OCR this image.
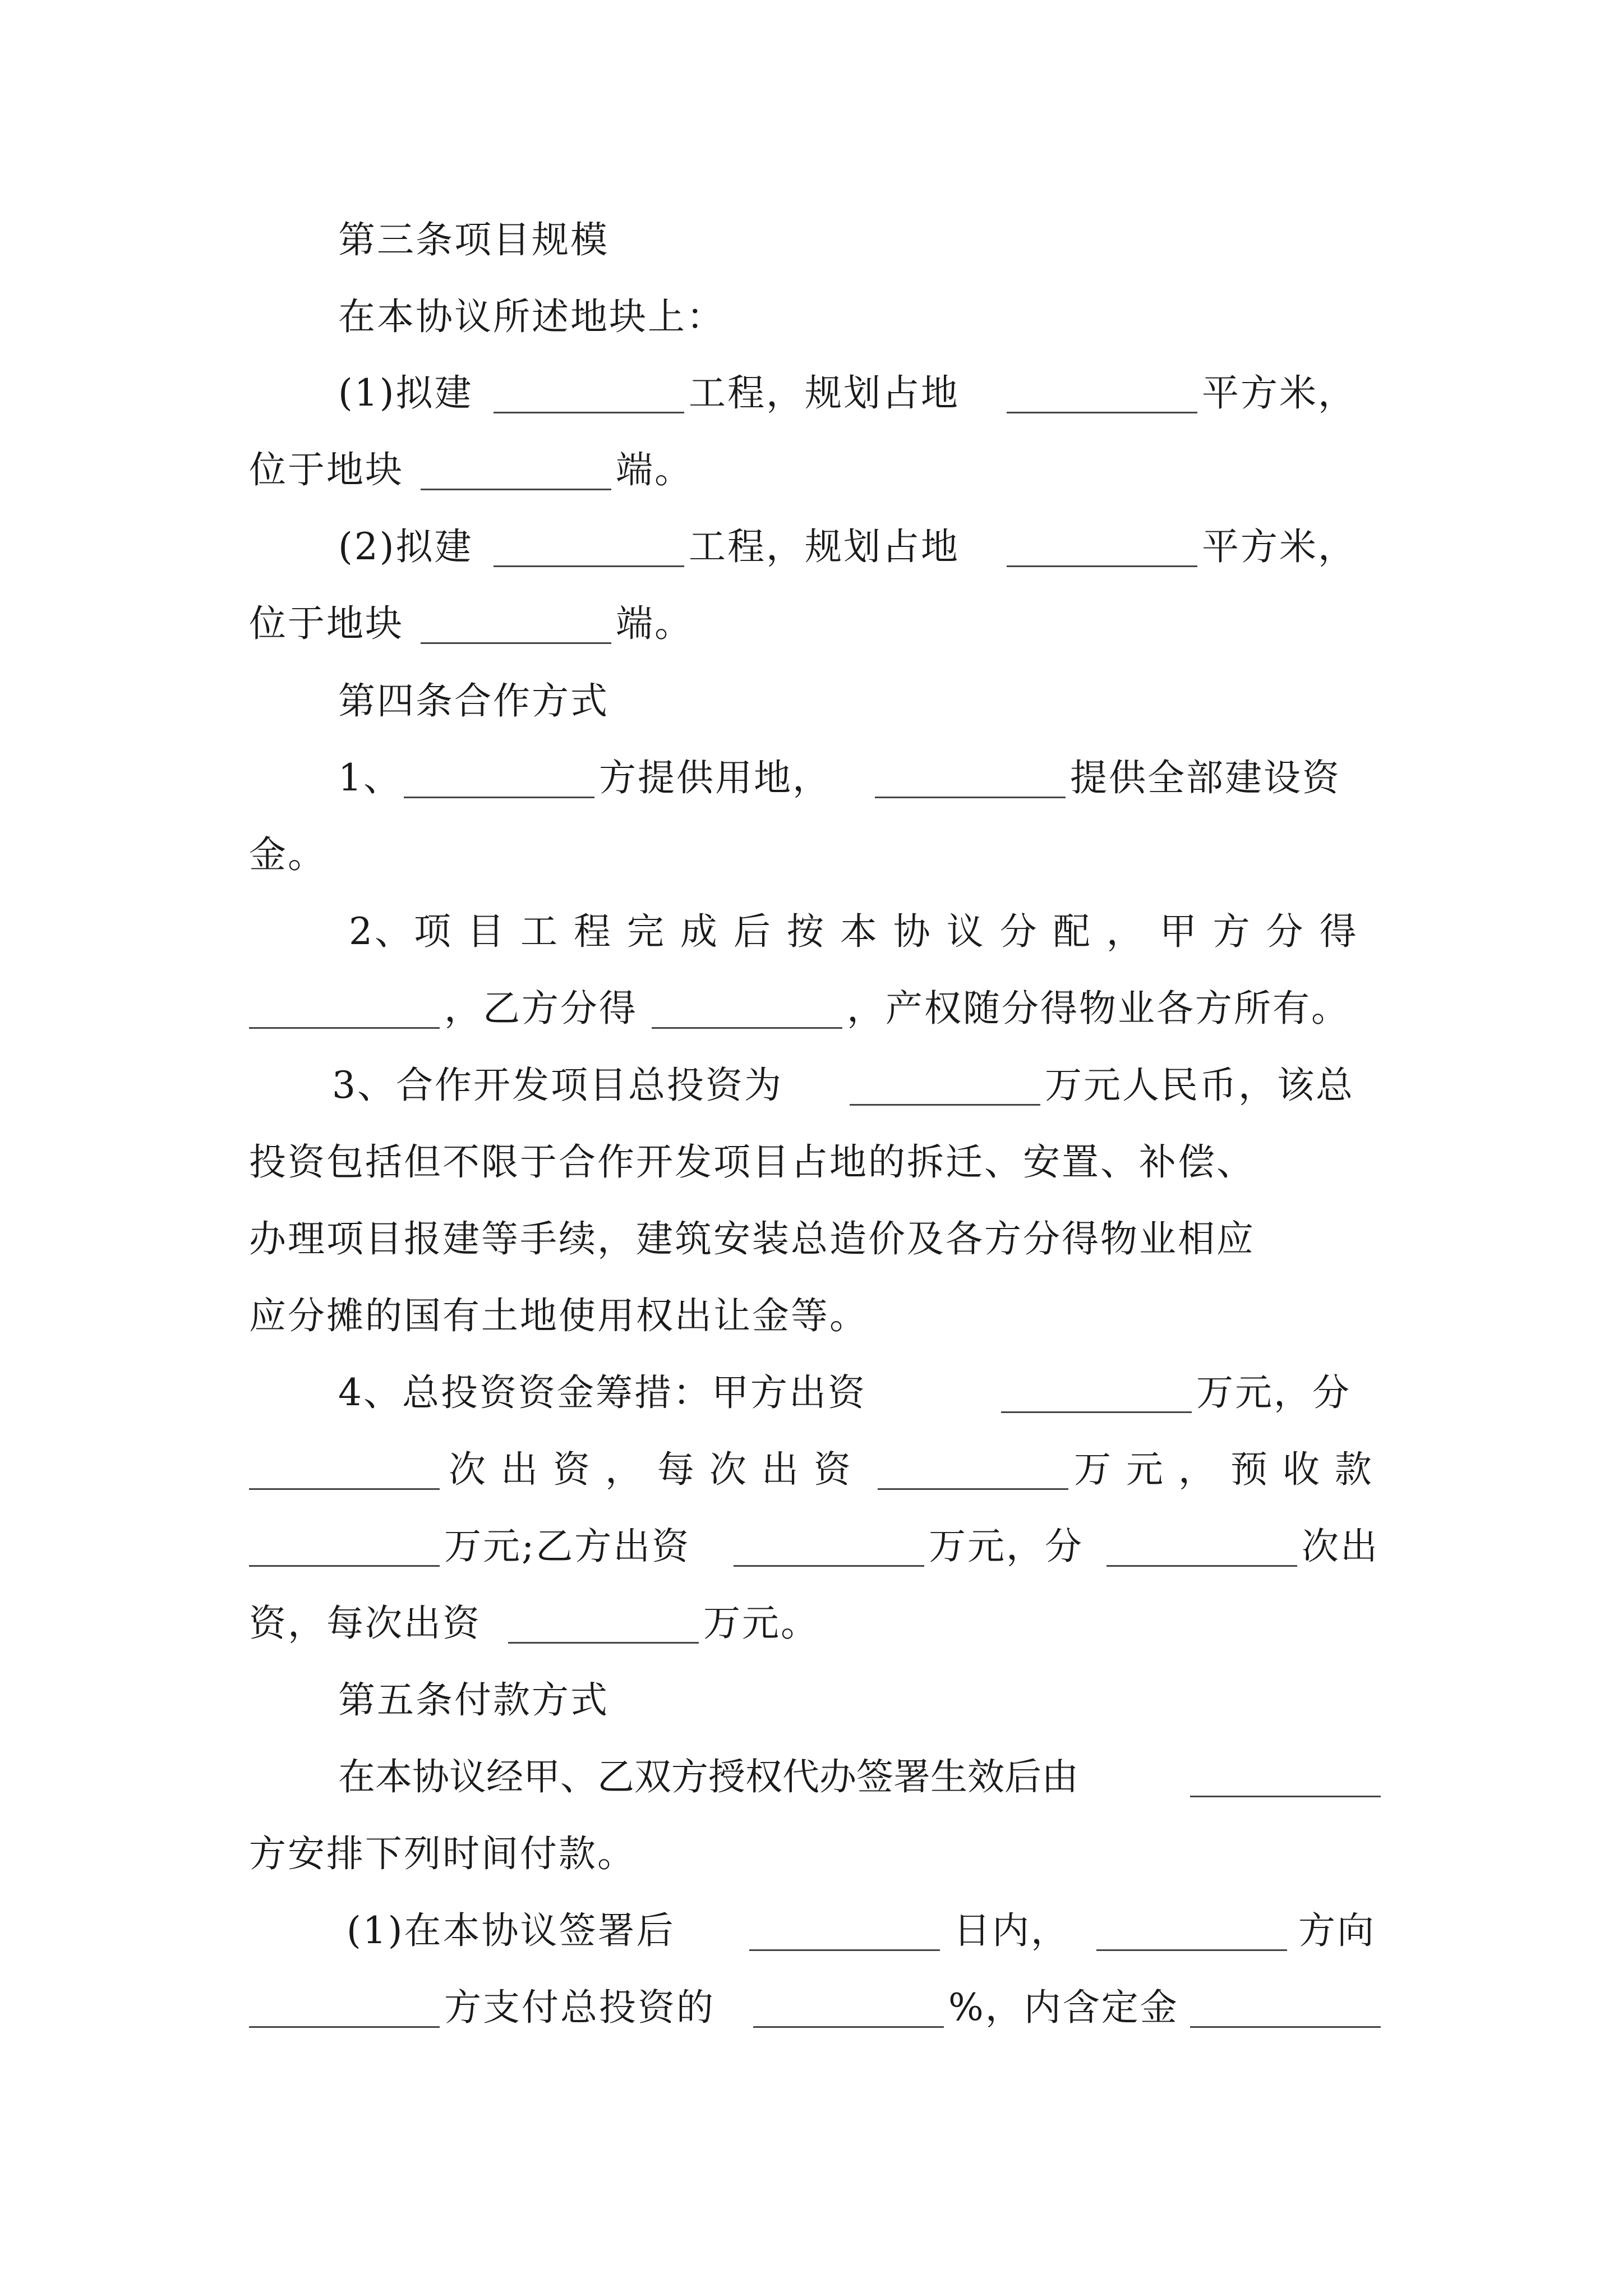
第三条项目规模
在本协议所述地块上：
(1)拟建	工程，规划占地	平方米，
位于地块	端。
(2)拟建	工程，规划占地	平方米，
位于地块	端。
第四条合作方式
1、	方提供用地，	提供全部建设资
金。
2、项 目 工 程 完 成 后 按 本 协 议 分 配 ， 甲 方 分 得
，乙方分得	，产权随分得物业各方所有。
3、合作开发项目总投资为	万元人民币，该总
投资包括但不限于合作开发项目占地的拆迁、安置、补偿、
办理项目报建等手续，建筑安装总造价及各方分得物业相应
应分摊的国有土地使用权出让金等。
4、总投资资金筹措：甲方出资	万元，分
次 出 资 ， 每 次 出 资	万 元 ， 预 收 款
万元;乙方出资	万元，分	次出
资，每次出资	万元。
第五条付款方式
在本协议经甲、乙双方授权代办签署生效后由
方安排下列时间付款。
(1)在本协议签署后	日内，	方向
方支付总投资的	%，内含定金
